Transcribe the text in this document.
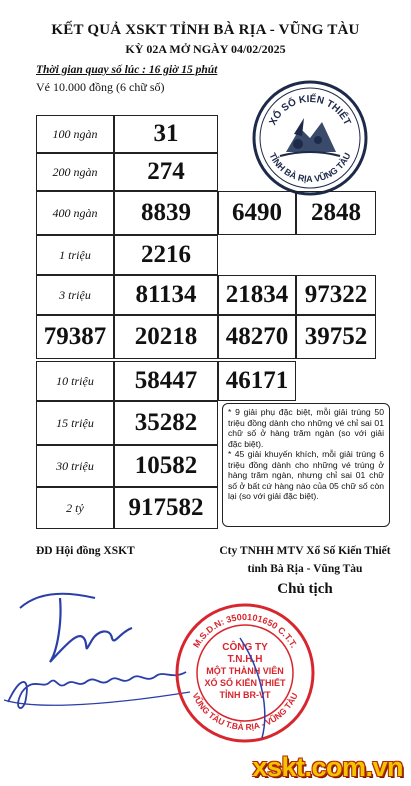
KẾT QUẢ XSKT TỈNH BÀ RỊA - VŨNG TÀU
KỲ 02A MỞ NGÀY 04/02/2025
Thời gian quay số lúc : 16 giờ 15 phút
Vé 10.000 đồng (6 chữ số)
XỔ SỐ KIẾN THIẾT
TỈNH BÀ RỊA VŨNG TÀU
100 ngàn	31
200 ngàn	274
400 ngàn	8839	6490	2848
1 triệu	2216
3 triệu	81134	21834 97322
79387	20218	48270 39752
10 triệu	58447	46171
15 triệu	35282
30 triệu	10582
2 tỷ	917582

* 9 giải phụ đặc biệt, mỗi giải trúng 50 triệu đồng dành cho những vé chỉ sai 01 chữ số ở hàng trăm ngàn (so với giải đặc biệt).

* 45 giải khuyến khích, mỗi giải trúng 6 triệu đồng dành cho những vé trúng ở hàng trăm ngàn, nhưng chỉ sai 01 chữ số ở bất cứ hàng nào của 05 chữ số còn lại (so với giải đặc biệt).

ĐD Hội đồng XSKT	Cty TNHH MTV Xổ Số Kiến Thiết
tỉnh Bà Rịa - Vũng Tàu
Chủ tịch
M.S.D.N: 3500101650 C.T.T.
VŨNG TÀU T.BÀ RỊA - VŨNG TÀU
CÔNG TY
T.N.H.H
MỘT THÀNH VIÊN
XỔ SỐ KIẾN THIẾT
TỈNH BR-VT
xskt.com.vn
